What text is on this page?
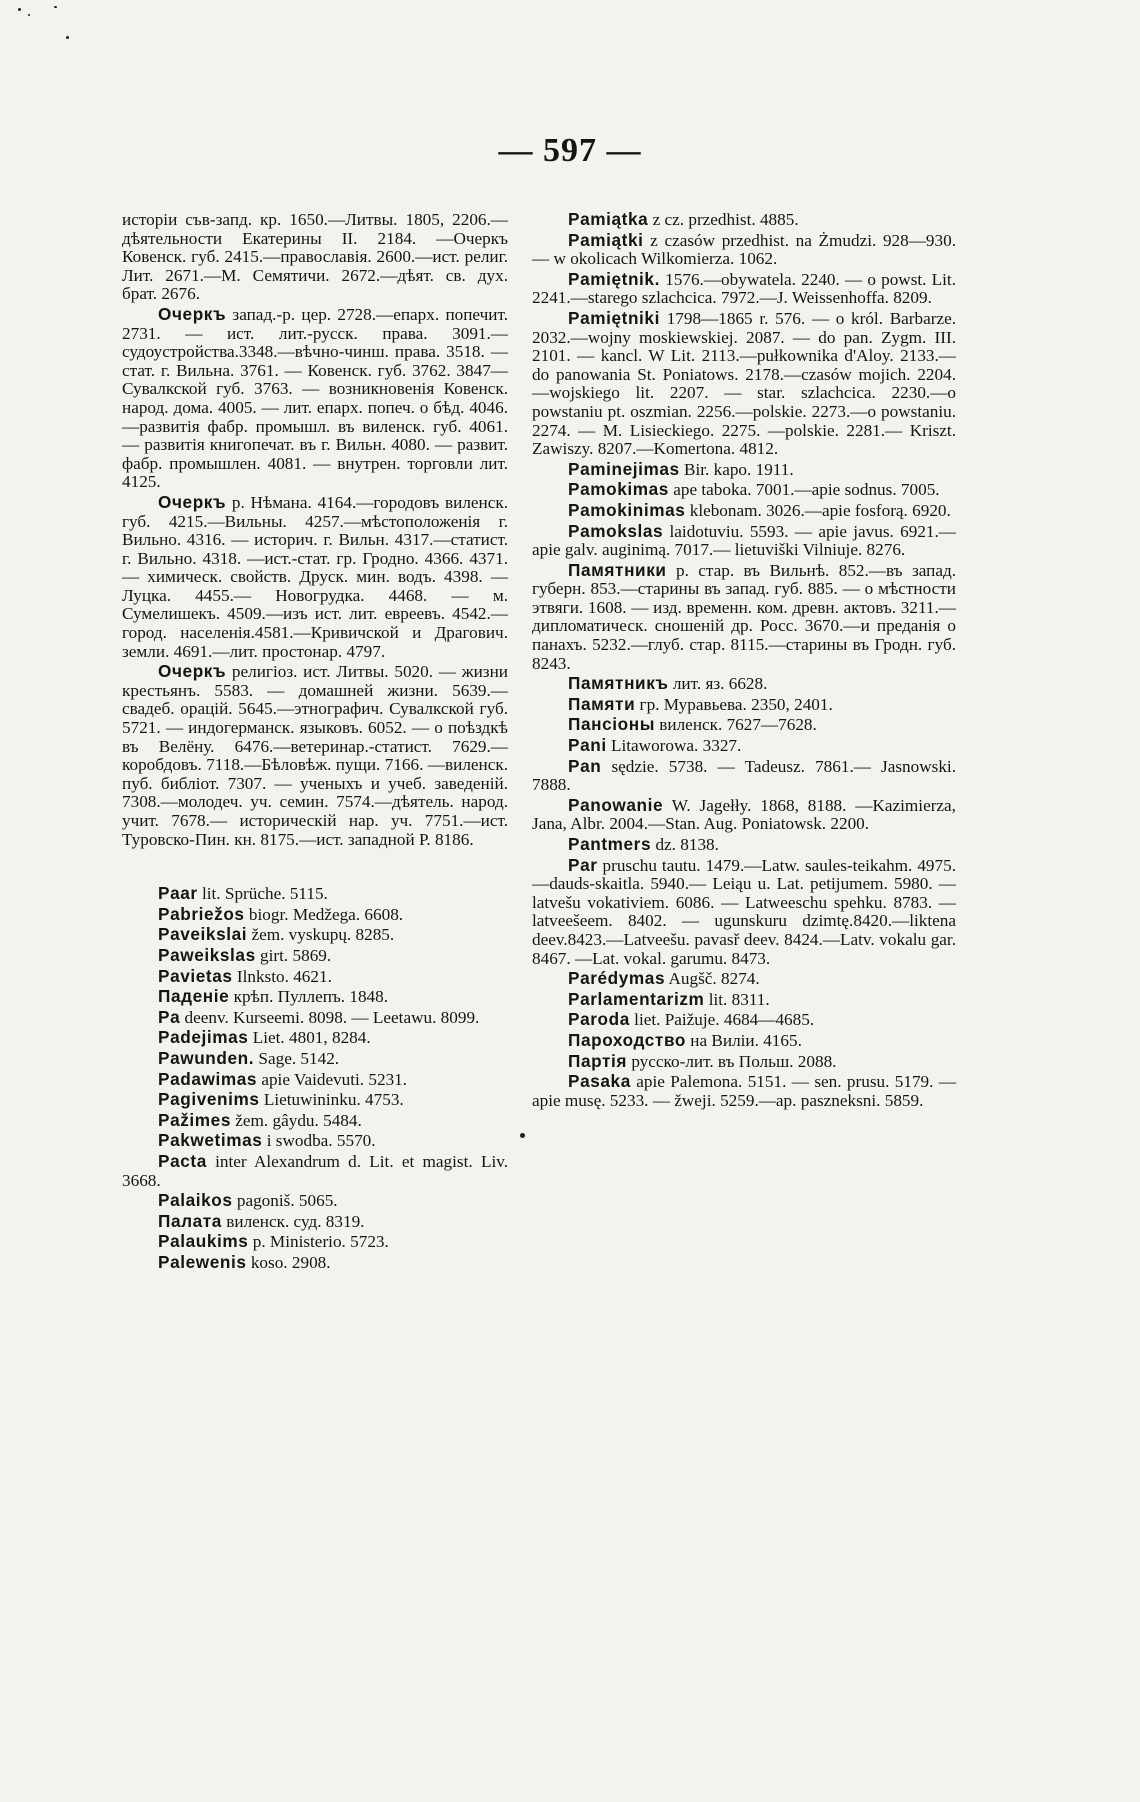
— 597 —

исторіи съв-запд. кр. 1650.—Литвы. 1805, 2206.—дѣятельности Екатерины II. 2184. —Очеркъ Ковенск. губ. 2415.—православія. 2600.—ист. религ. Лит. 2671.—М. Семятичи. 2672.—дѣят. св. дух. брат. 2676.

Очеркъ запад.-р. цер. 2728.—епарх. попечит. 2731. — ист. лит.-русск. права. 3091.—судоустройства.3348.—вѣчно-чинш. права. 3518. — стат. г. Вильна. 3761. — Ковенск. губ. 3762. 3847—Сувалкской губ. 3763. — возникновенія Ковенск. народ. дома. 4005. — лит. епарх. попеч. о бѣд. 4046.—развитія фабр. промышл. въ виленск. губ. 4061. — развитія книгопечат. въ г. Вильн. 4080. — развит. фабр. промышлен. 4081. — внутрен. торговли лит. 4125.

Очеркъ р. Нѣмана. 4164.—городовъ виленск. губ. 4215.—Вильны. 4257.—мѣстоположенія г. Вильно. 4316. — историч. г. Вильн. 4317.—статист. г. Вильно. 4318. —ист.-стат. гр. Гродно. 4366. 4371.— химическ. свойств. Друск. мин. водъ. 4398. —Луцка. 4455.— Новогрудка. 4468. — м. Сумелишекъ. 4509.—изъ ист. лит. евреевъ. 4542.—город. населенія.4581.—Кривичской и Драгович. земли. 4691.—лит. простонар. 4797.

Очеркъ религіоз. ист. Литвы. 5020. — жизни крестьянъ. 5583. — домашней жизни. 5639.—свадеб. орацій. 5645.—этнографич. Сувалкской губ. 5721. — индогерманск. языковъ. 6052. — о поѣздкѣ въ Велёну. 6476.—ветеринар.-статист. 7629.— коробдовъ. 7118.—Бѣловѣж. пущи. 7166. —виленск. пуб. библіот. 7307. — ученыхъ и учеб. заведеній. 7308.—молодеч. уч. семин. 7574.—дѣятель. народ. учит. 7678.— историческій нар. уч. 7751.—ист. Туровско-Пин. кн. 8175.—ист. западной Р. 8186.

Paar lit. Sprüche. 5115.

Pabriežos biogr. Medžega. 6608.

Paveikslai žem. vyskupų. 8285.

Paweikslas girt. 5869.

Pavietas Ilnksto. 4621.

Паденіе крѣп. Пуллепъ. 1848.

Pa deenv. Kurseemi. 8098. — Leetawu. 8099.

Padejimas Liet. 4801, 8284.

Pawunden. Sage. 5142.

Padawimas apie Vaidevuti. 5231.

Pagivenims Lietuwininku. 4753.

Pažimes žem. gâydu. 5484.

Pakwetimas i swodba. 5570.

Pacta inter Alexandrum d. Lit. et magist. Liv. 3668.

Palaikos pagoniš. 5065.

Палата виленск. суд. 8319.

Palaukims p. Ministerio. 5723.

Palewenis koso. 2908.

Pamiątka z cz. przedhist. 4885.

Pamiątki z czasów przedhist. na Żmudzi. 928—930. — w okolicach Wilkomierza. 1062.

Pamiętnik. 1576.—obywatela. 2240. — o powst. Lit. 2241.—starego szlachcica. 7972.—J. Weissenhoffa. 8209.

Pamiętniki 1798—1865 r. 576. — o król. Barbarze. 2032.—wojny moskiewskiej. 2087. — do pan. Zygm. III. 2101. — kancl. W Lit. 2113.—pułkownika d'Aloy. 2133.— do panowania St. Poniatows. 2178.—czasów mojich. 2204.—wojskiego lit. 2207. — star. szlachcica. 2230.—o powstaniu pt. oszmian. 2256.—polskie. 2273.—o powstaniu. 2274. — M. Lisieckiego. 2275. —polskie. 2281.— Kriszt. Zawiszy. 8207.—Komertona. 4812.

Paminejimas Bir. kapo. 1911.

Pamokimas ape taboka. 7001.—apie sodnus. 7005.

Pamokinimas klebonam. 3026.—apie fosforą. 6920.

Pamokslas laidotuviu. 5593. — apie javus. 6921.—apie galv. auginimą. 7017.— lietuviški Vilniuje. 8276.

Памятники р. стар. въ Вильнѣ. 852.—въ запад. губерн. 853.—старины въ запад. губ. 885. — о мѣстности этвяги. 1608. — изд. временн. ком. древн. актовъ. 3211.—дипломатическ. сношеній др. Росс. 3670.—и преданія о панахъ. 5232.—глуб. стар. 8115.—старины въ Гродн. губ. 8243.

Памятникъ лит. яз. 6628.

Памяти гр. Муравьева. 2350, 2401.

Пансіоны виленск. 7627—7628.

Pani Litaworowa. 3327.

Pan sędzie. 5738. — Tadeusz. 7861.— Jasnowski. 7888.

Panowanie W. Jagełły. 1868, 8188. —Kazimierza, Jana, Albr. 2004.—Stan. Aug. Poniatowsk. 2200.

Pantmers dz. 8138.

Par pruschu tautu. 1479.—Latw. saules-teikahm. 4975.—dauds-skaitla. 5940.— Leiąu u. Lat. petijumem. 5980. — latvešu vokativiem. 6086. — Latweeschu spehku. 8783. — latveešeem. 8402. — ugunskuru dzimtę.8420.—liktena deev.8423.—Latveešu. pavasř deev. 8424.—Latv. vokalu gar. 8467. —Lat. vokal. garumu. 8473.

Parédymas Augšč. 8274.

Parlamentarizm lit. 8311.

Paroda liet. Paižuje. 4684—4685.

Пароходство на Виліи. 4165.

Партія русско-лит. въ Польш. 2088.

Pasaka apie Palemona. 5151. — sen. prusu. 5179. — apie musę. 5233. — žweji. 5259.—ap. paszneksni. 5859.
